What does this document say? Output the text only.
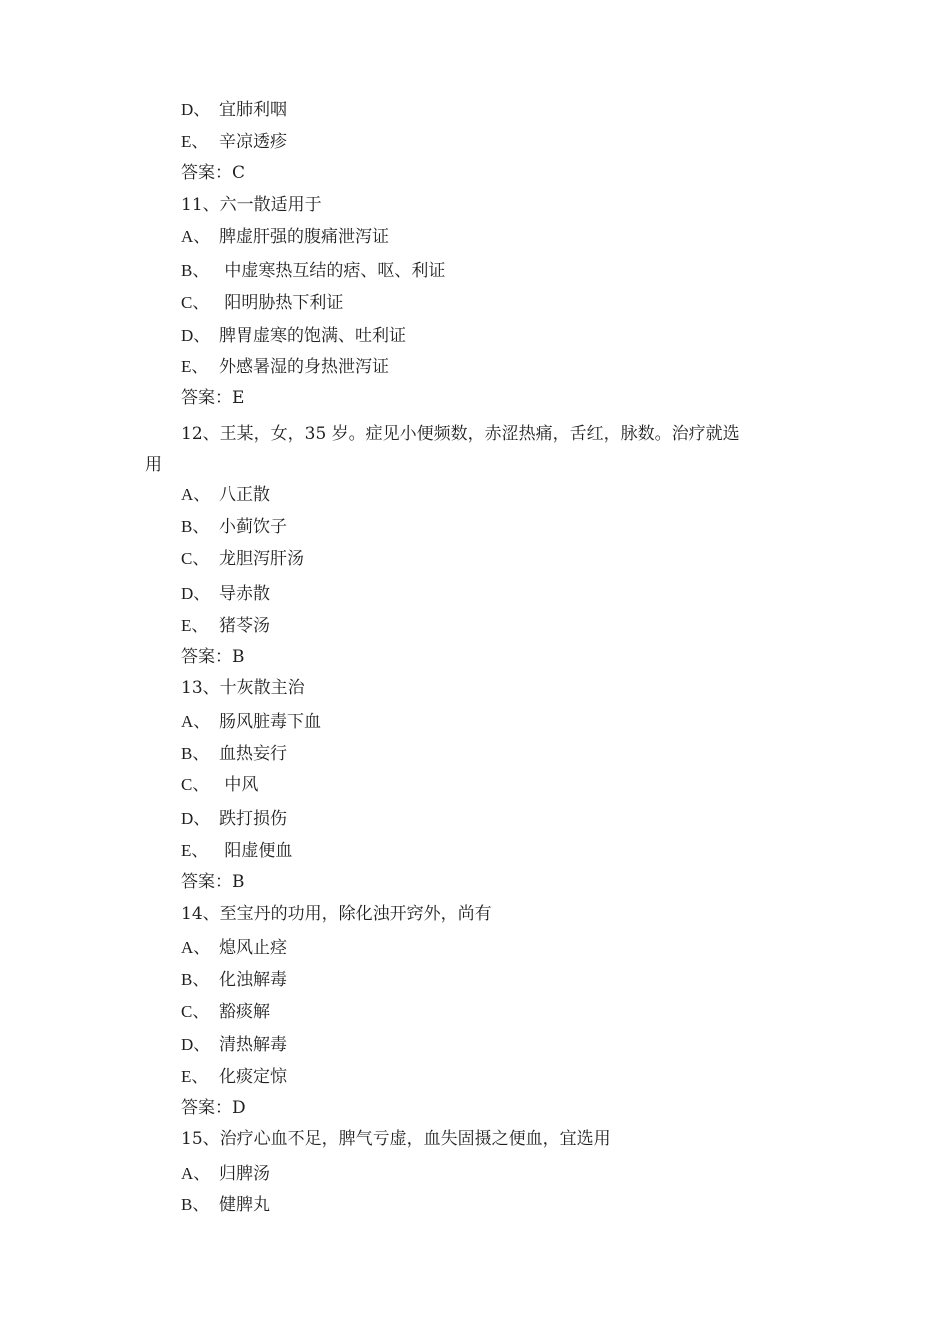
D、 宜肺利咽
E、 辛凉透疹
答案：C
11、六一散适用于
A、 脾虚肝强的腹痛泄泻证
B、 中虚寒热互结的痞、呕、利证
C、 阳明胁热下利证
D、 脾胃虚寒的饱满、吐利证
E、 外感暑湿的身热泄泻证
答案：E
12、王某，女，35 岁。症见小便频数，赤涩热痛，舌红，脉数。治疗就选
用
A、 八正散
B、 小蓟饮子
C、 龙胆泻肝汤
D、 导赤散
E、 猪苓汤
答案：B
13、十灰散主治
A、 肠风脏毒下血
B、 血热妄行
C、 中风
D、 跌打损伤
E、 阳虚便血
答案：B
14、至宝丹的功用，除化浊开窍外，尚有
A、 熄风止痉
B、 化浊解毒
C、 豁痰解
D、 清热解毒
E、 化痰定惊
答案：D
15、治疗心血不足，脾气亏虚，血失固摄之便血，宜选用
A、 归脾汤
B、 健脾丸
